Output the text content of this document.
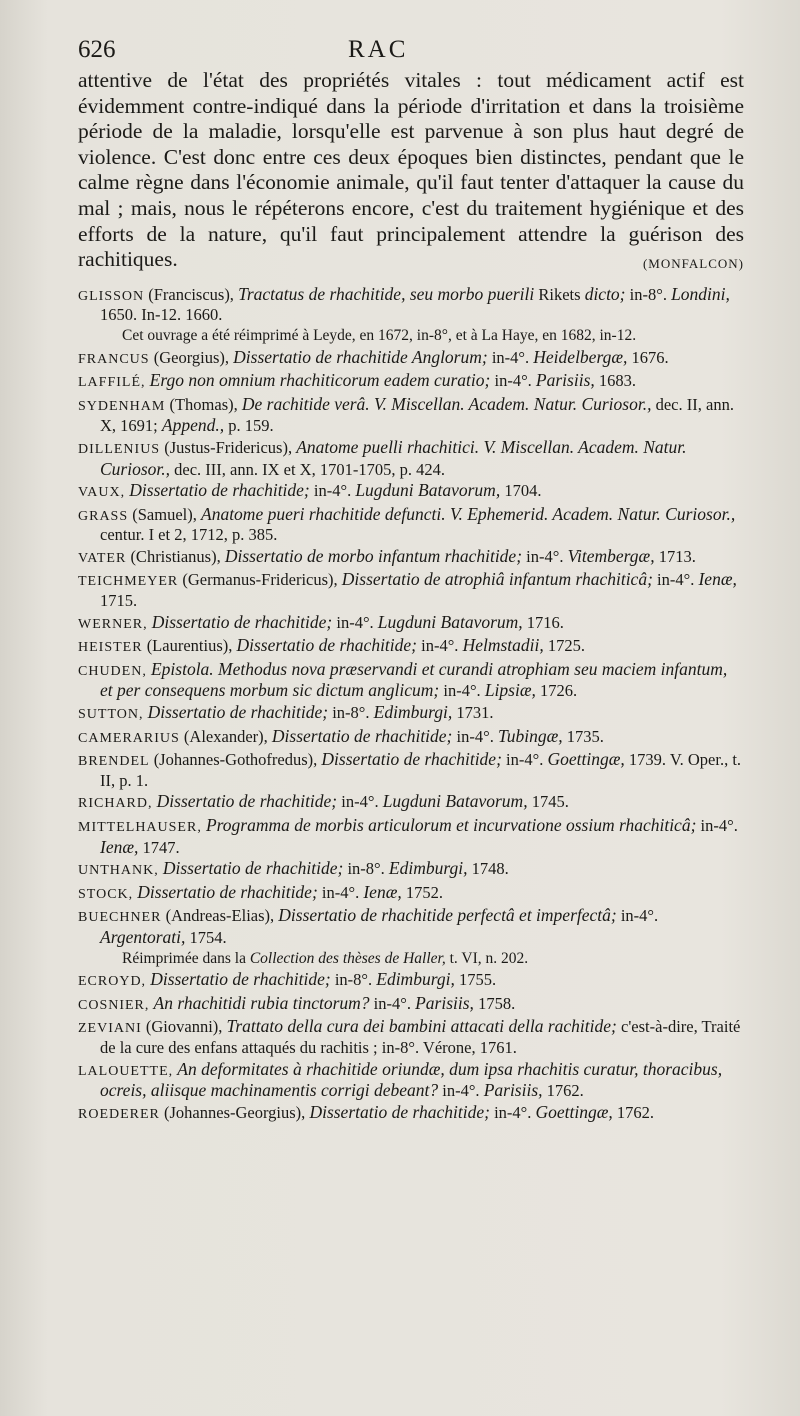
626	RAC

attentive de l'état des propriétés vitales : tout médicament actif est évidemment contre-indiqué dans la période d'irritation et dans la troisième période de la maladie, lorsqu'elle est parvenue à son plus haut degré de violence. C'est donc entre ces deux époques bien distinctes, pendant que le calme règne dans l'économie animale, qu'il faut tenter d'attaquer la cause du mal ; mais, nous le répéterons encore, c'est du traitement hygiénique et des efforts de la nature, qu'il faut principalement attendre la guérison des rachitiques.	(MONFALCON)

GLISSON (Franciscus), Tractatus de rhachitide, seu morbo puerili Rikets dicto; in-8°. Londini, 1650. In-12. 1660.

Cet ouvrage a été réimprimé à Leyde, en 1672, in-8°, et à La Haye, en 1682, in-12.

FRANCUS (Georgius), Dissertatio de rhachitide Anglorum; in-4°. Heidelbergæ, 1676.

LAFFILÉ, Ergo non omnium rhachiticorum eadem curatio; in-4°. Parisiis, 1683.

SYDENHAM (Thomas), De rachitide verâ. V. Miscellan. Academ. Natur. Curiosor., dec. II, ann. X, 1691; Append., p. 159.

DILLENIUS (Justus-Fridericus), Anatome puelli rhachitici. V. Miscellan. Academ. Natur. Curiosor., dec. III, ann. IX et X, 1701-1705, p. 424.

VAUX, Dissertatio de rhachitide; in-4°. Lugduni Batavorum, 1704.

GRASS (Samuel), Anatome pueri rhachitide defuncti. V. Ephemerid. Academ. Natur. Curiosor., centur. I et 2, 1712, p. 385.

VATER (Christianus), Dissertatio de morbo infantum rhachitide; in-4°. Vitembergæ, 1713.

TEICHMEYER (Germanus-Fridericus), Dissertatio de atrophiâ infantum rhachiticâ; in-4°. Ienæ, 1715.

WERNER, Dissertatio de rhachitide; in-4°. Lugduni Batavorum, 1716.

HEISTER (Laurentius), Dissertatio de rhachitide; in-4°. Helmstadii, 1725.

CHUDEN, Epistola. Methodus nova præservandi et curandi atrophiam seu maciem infantum, et per consequens morbum sic dictum anglicum; in-4°. Lipsiæ, 1726.

SUTTON, Dissertatio de rhachitide; in-8°. Edimburgi, 1731.

CAMERARIUS (Alexander), Dissertatio de rhachitide; in-4°. Tubingæ, 1735.

BRENDEL (Johannes-Gothofredus), Dissertatio de rhachitide; in-4°. Goettingæ, 1739. V. Oper., t. II, p. 1.

RICHARD, Dissertatio de rhachitide; in-4°. Lugduni Batavorum, 1745.

MITTELHAUSER, Programma de morbis articulorum et incurvatione ossium rhachiticâ; in-4°. Ienæ, 1747.

UNTHANK, Dissertatio de rhachitide; in-8°. Edimburgi, 1748.

STOCK, Dissertatio de rhachitide; in-4°. Ienæ, 1752.

BUECHNER (Andreas-Elias), Dissertatio de rhachitide perfectâ et imperfectâ; in-4°. Argentorati, 1754.

Réimprimée dans la Collection des thèses de Haller, t. VI, n. 202.

ECROYD, Dissertatio de rhachitide; in-8°. Edimburgi, 1755.

COSNIER, An rhachitidi rubia tinctorum? in-4°. Parisiis, 1758.

ZEVIANI (Giovanni), Trattato della cura dei bambini attacati della rachitide; c'est-à-dire, Traité de la cure des enfans attaqués du rachitis ; in-8°. Vérone, 1761.

LALOUETTE, An deformitates à rhachitide oriundæ, dum ipsa rhachitis curatur, thoracibus, ocreis, aliisque machinamentis corrigi debeant? in-4°. Parisiis, 1762.

ROEDERER (Johannes-Georgius), Dissertatio de rhachitide; in-4°. Goettingæ, 1762.
